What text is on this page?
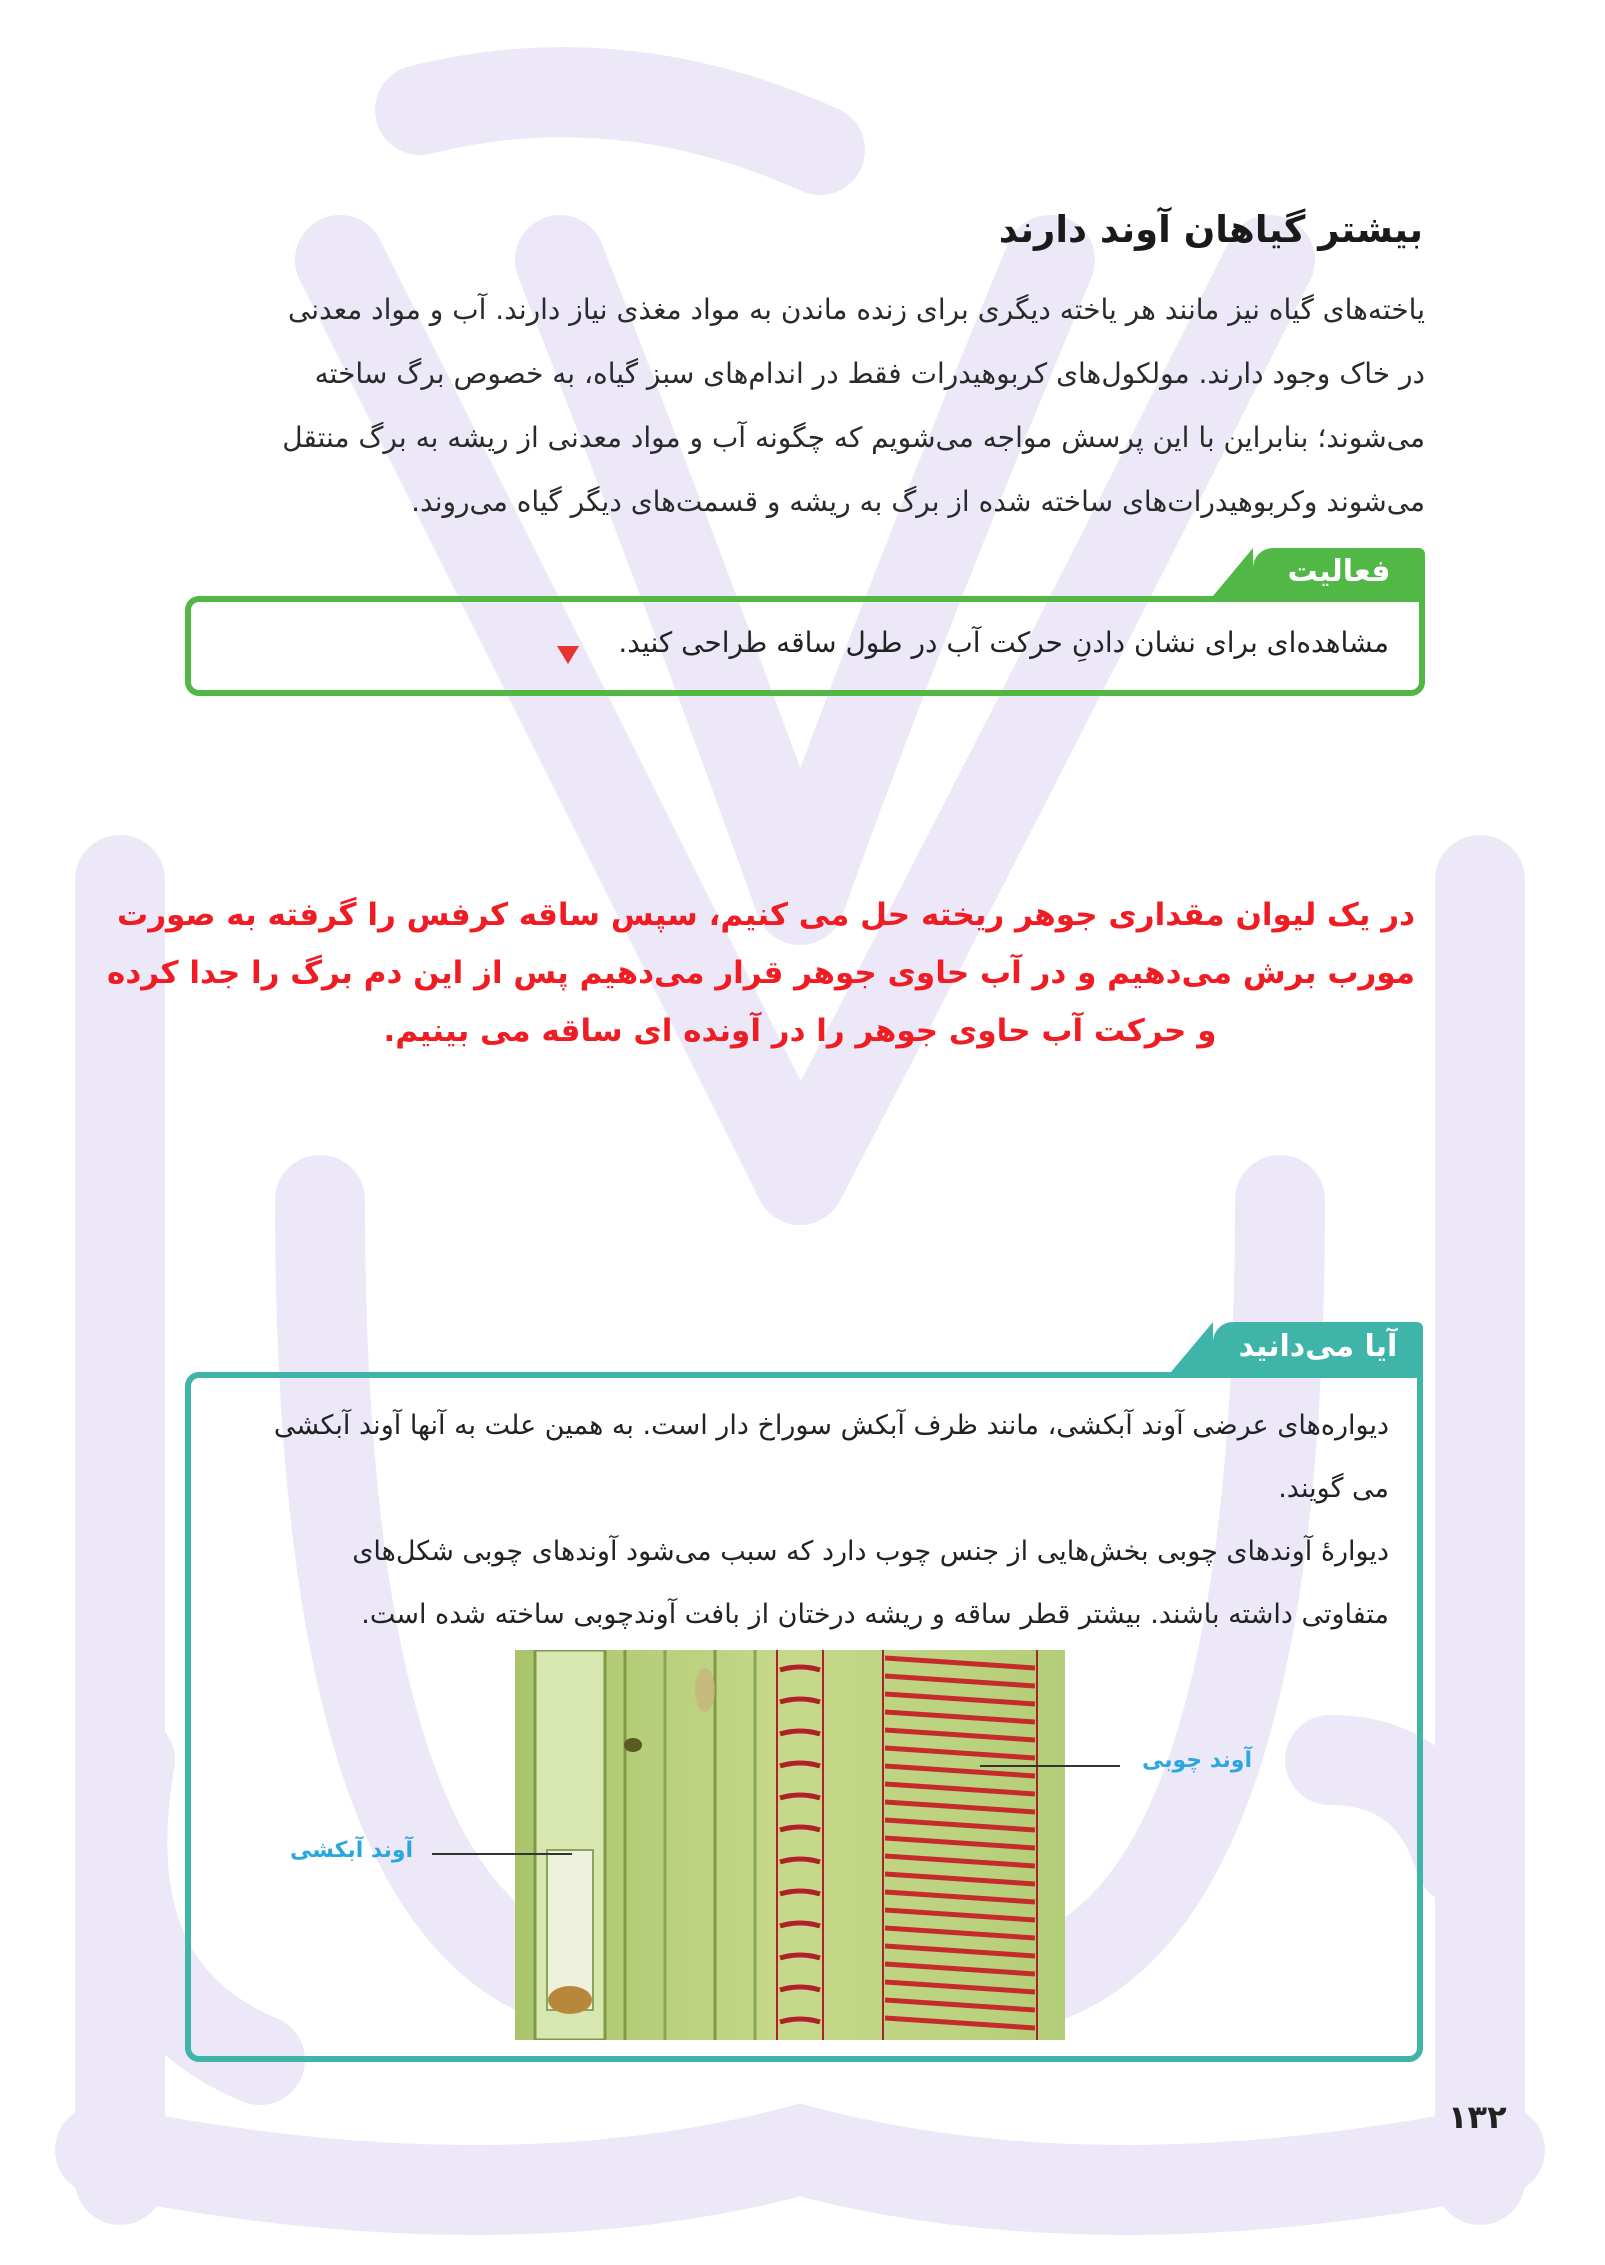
بیشتر گیاهان آوند دارند
یاخته‌های گیاه نیز مانند هر یاخته دیگری برای زنده ماندن به مواد مغذی نیاز دارند. آب و مواد معدنی
در خاک وجود دارند. مولکول‌های کربوهیدرات فقط در اندام‌های سبز گیاه، به خصوص برگ ساخته
می‌شوند؛ بنابراین با این پرسش مواجه می‌شویم که چگونه آب و مواد معدنی از ریشه به برگ منتقل
می‌شوند وکربوهیدرات‌های ساخته شده از برگ به ریشه و قسمت‌های دیگر گیاه می‌روند.
فعالیت
مشاهده‌ای برای نشان دادنِ حرکت آب در طول ساقه طراحی کنید.
در یک لیوان مقداری جوهر ریخته حل می کنیم، سپس ساقه کرفس را گرفته به صورت
مورب برش می‌دهیم و در آب حاوی جوهر قرار می‌دهیم پس از این دم برگ را جدا کرده
و حرکت آب حاوی جوهر را در آونده ای ساقه می بینیم.
آیا می‌دانید
دیواره‌های عرضی آوند آبکشی، مانند ظرف آبکش سوراخ دار است. به همین علت به آنها آوند آبکشی
می گویند.
دیوارهٔ آوندهای چوبی بخش‌هایی از جنس چوب دارد که سبب می‌شود آوندهای چوبی شکل‌های
متفاوتی داشته باشند. بیشتر قطر ساقه و ریشه درختان از بافت آوندچوبی ساخته شده است.
آوند چوبی
آوند آبکشی
۱۳۲
